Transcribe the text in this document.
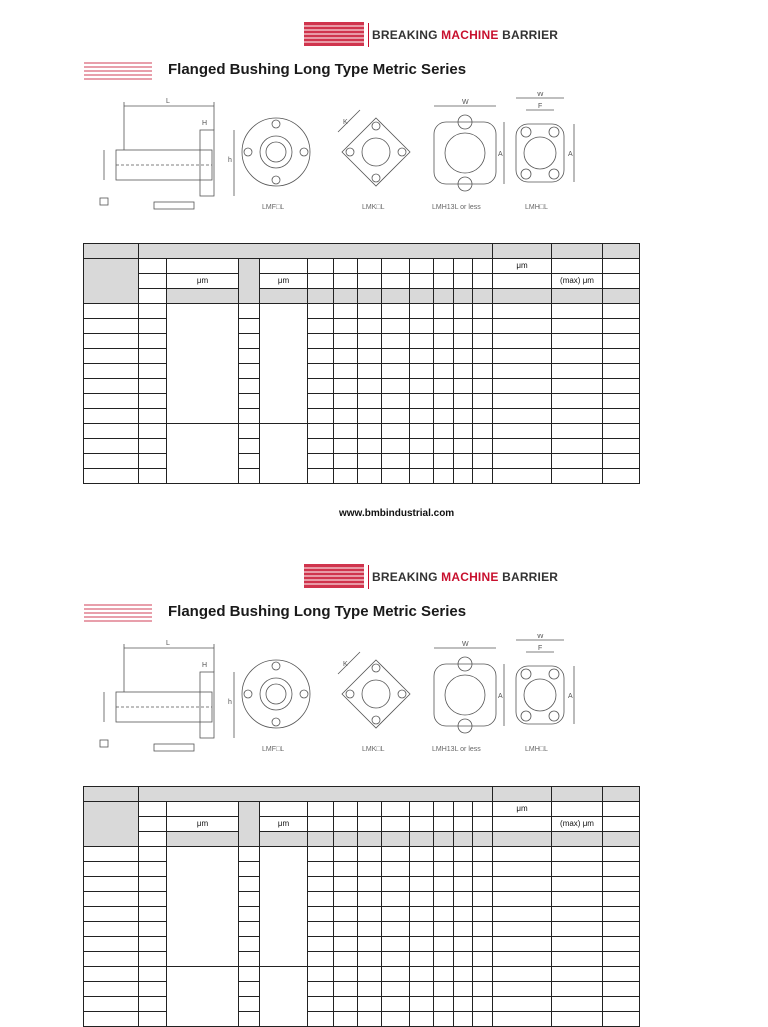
BREAKING MACHINE BARRIER
Flanged Bushing Long Type Metric Series
L	W
W
F
K
A	A
h
H
LMF□L	LMK□L	LMH13L or less	LMH□L

													μm		
		μm		μm										(max) μm	

www.bmbindustrial.com
BREAKING MACHINE BARRIER
Flanged Bushing Long Type Metric Series
L	W
W
F
K
A	A
h
H
LMF□L	LMK□L	LMH13L or less	LMH□L

													μm		
		μm		μm										(max) μm	
